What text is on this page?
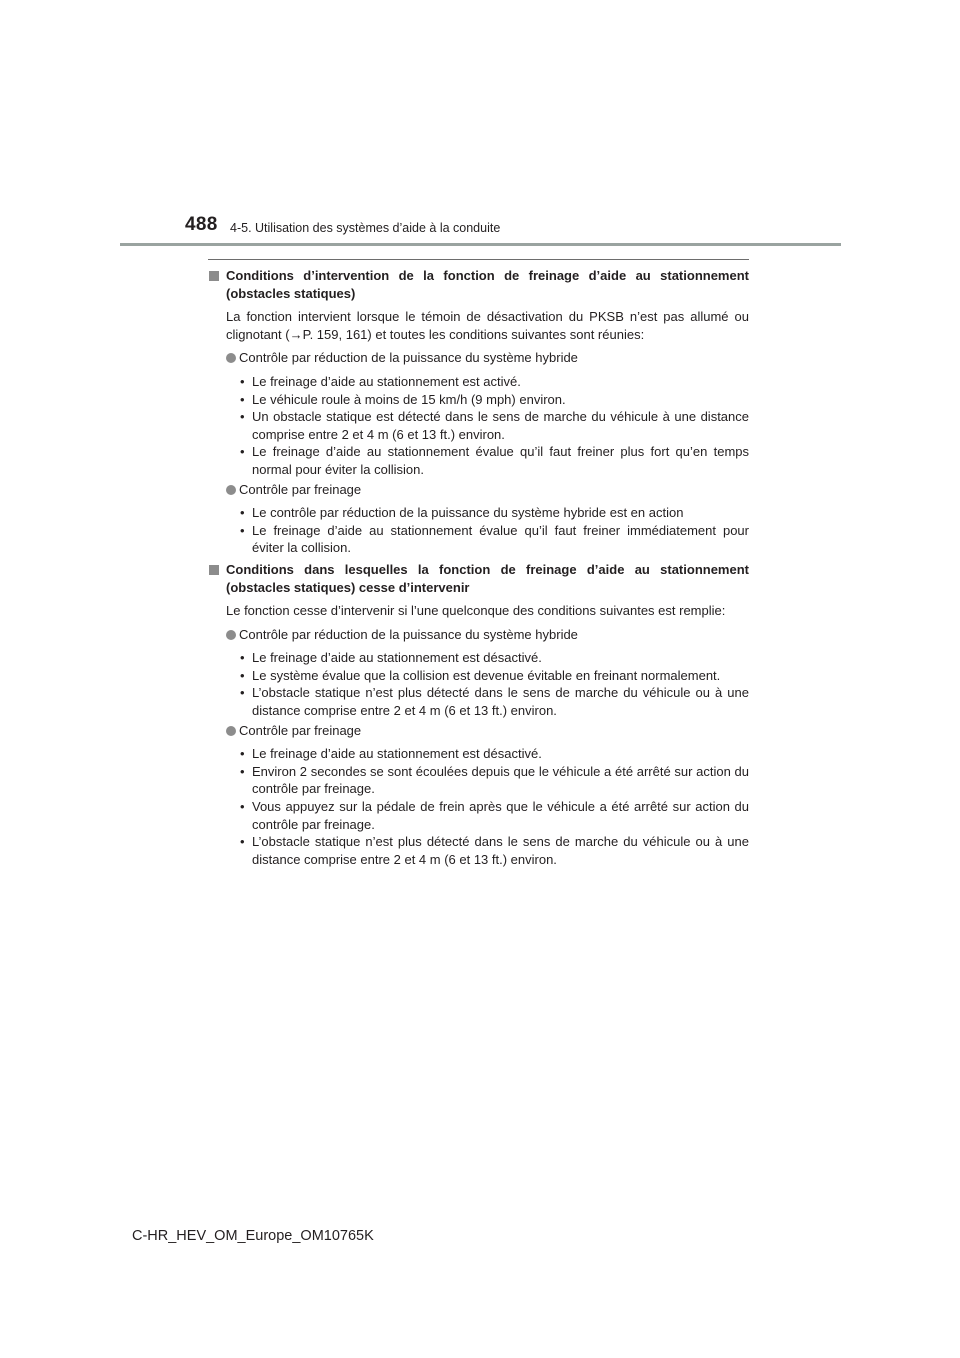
488 4-5. Utilisation des systèmes d’aide à la conduite
Conditions d’intervention de la fonction de freinage d’aide au stationnement (obstacles statiques)
La fonction intervient lorsque le témoin de désactivation du PKSB n’est pas allumé ou clignotant (→P. 159, 161) et toutes les conditions suivantes sont réunies:
Contrôle par réduction de la puissance du système hybride
• Le freinage d’aide au stationnement est activé.
• Le véhicule roule à moins de 15 km/h (9 mph) environ.
• Un obstacle statique est détecté dans le sens de marche du véhicule à une distance comprise entre 2 et 4 m (6 et 13 ft.) environ.
• Le freinage d’aide au stationnement évalue qu’il faut freiner plus fort qu’en temps normal pour éviter la collision.
Contrôle par freinage
• Le contrôle par réduction de la puissance du système hybride est en action
• Le freinage d’aide au stationnement évalue qu’il faut freiner immédiatement pour éviter la collision.
Conditions dans lesquelles la fonction de freinage d’aide au stationnement (obstacles statiques) cesse d’intervenir
Le fonction cesse d’intervenir si l’une quelconque des conditions suivantes est remplie:
Contrôle par réduction de la puissance du système hybride
• Le freinage d’aide au stationnement est désactivé.
• Le système évalue que la collision est devenue évitable en freinant normalement.
• L’obstacle statique n’est plus détecté dans le sens de marche du véhicule ou à une distance comprise entre 2 et 4 m (6 et 13 ft.) environ.
Contrôle par freinage
• Le freinage d’aide au stationnement est désactivé.
• Environ 2 secondes se sont écoulées depuis que le véhicule a été arrêté sur action du contrôle par freinage.
• Vous appuyez sur la pédale de frein après que le véhicule a été arrêté sur action du contrôle par freinage.
• L’obstacle statique n’est plus détecté dans le sens de marche du véhicule ou à une distance comprise entre 2 et 4 m (6 et 13 ft.) environ.
C-HR_HEV_OM_Europe_OM10765K
